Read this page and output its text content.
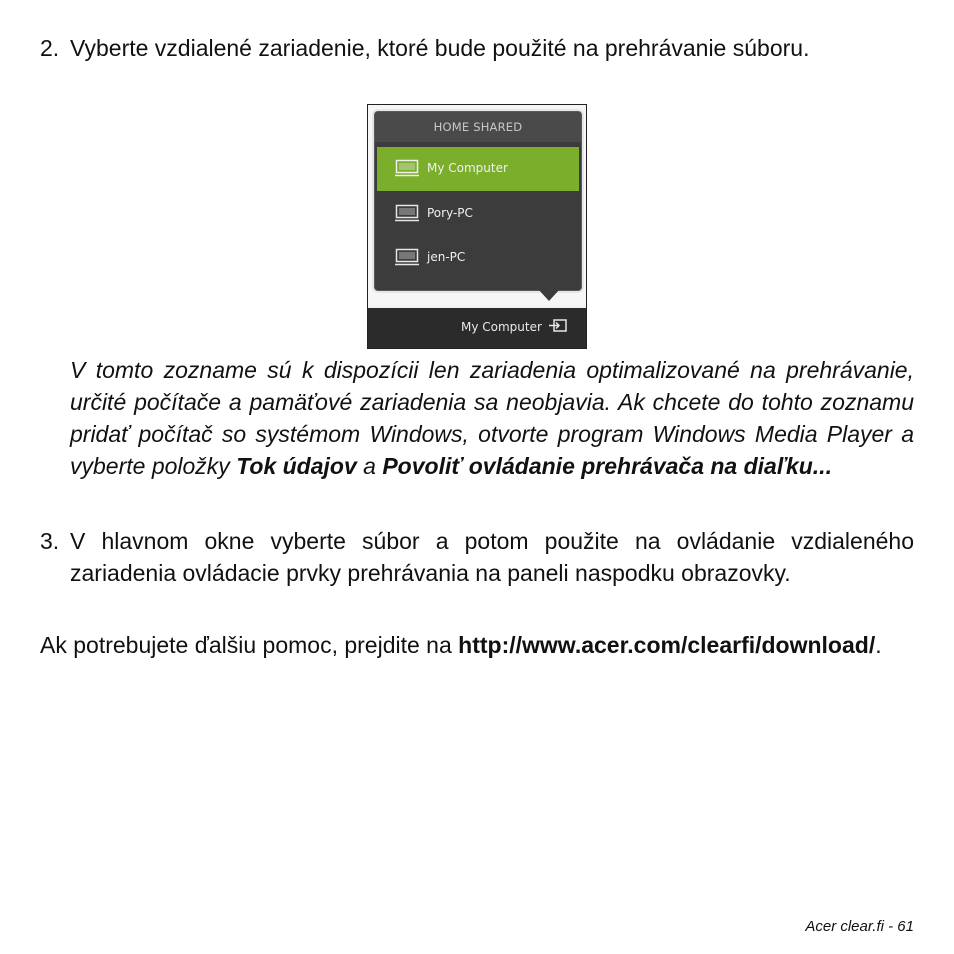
2. Vyberte vzdialené zariadenie, ktoré bude použité na prehrávanie súboru.
HOME SHARED
My Computer
Pory-PC
jen-PC
My Computer
V tomto zozname sú k dispozícii len zariadenia optimalizované na prehrávanie, určité počítače a pamäťové zariadenia sa neobjavia. Ak chcete do tohto zoznamu pridať počítač so systémom Windows, otvorte program Windows Media Player a vyberte položky Tok údajov a Povoliť ovládanie prehrávača na diaľku...
3. V hlavnom okne vyberte súbor a potom použite na ovládanie vzdialeného zariadenia ovládacie prvky prehrávania na paneli naspodku obrazovky.
Ak potrebujete ďalšiu pomoc, prejdite na http://www.acer.com/clearfi/download/.
Acer clear.fi - 61
